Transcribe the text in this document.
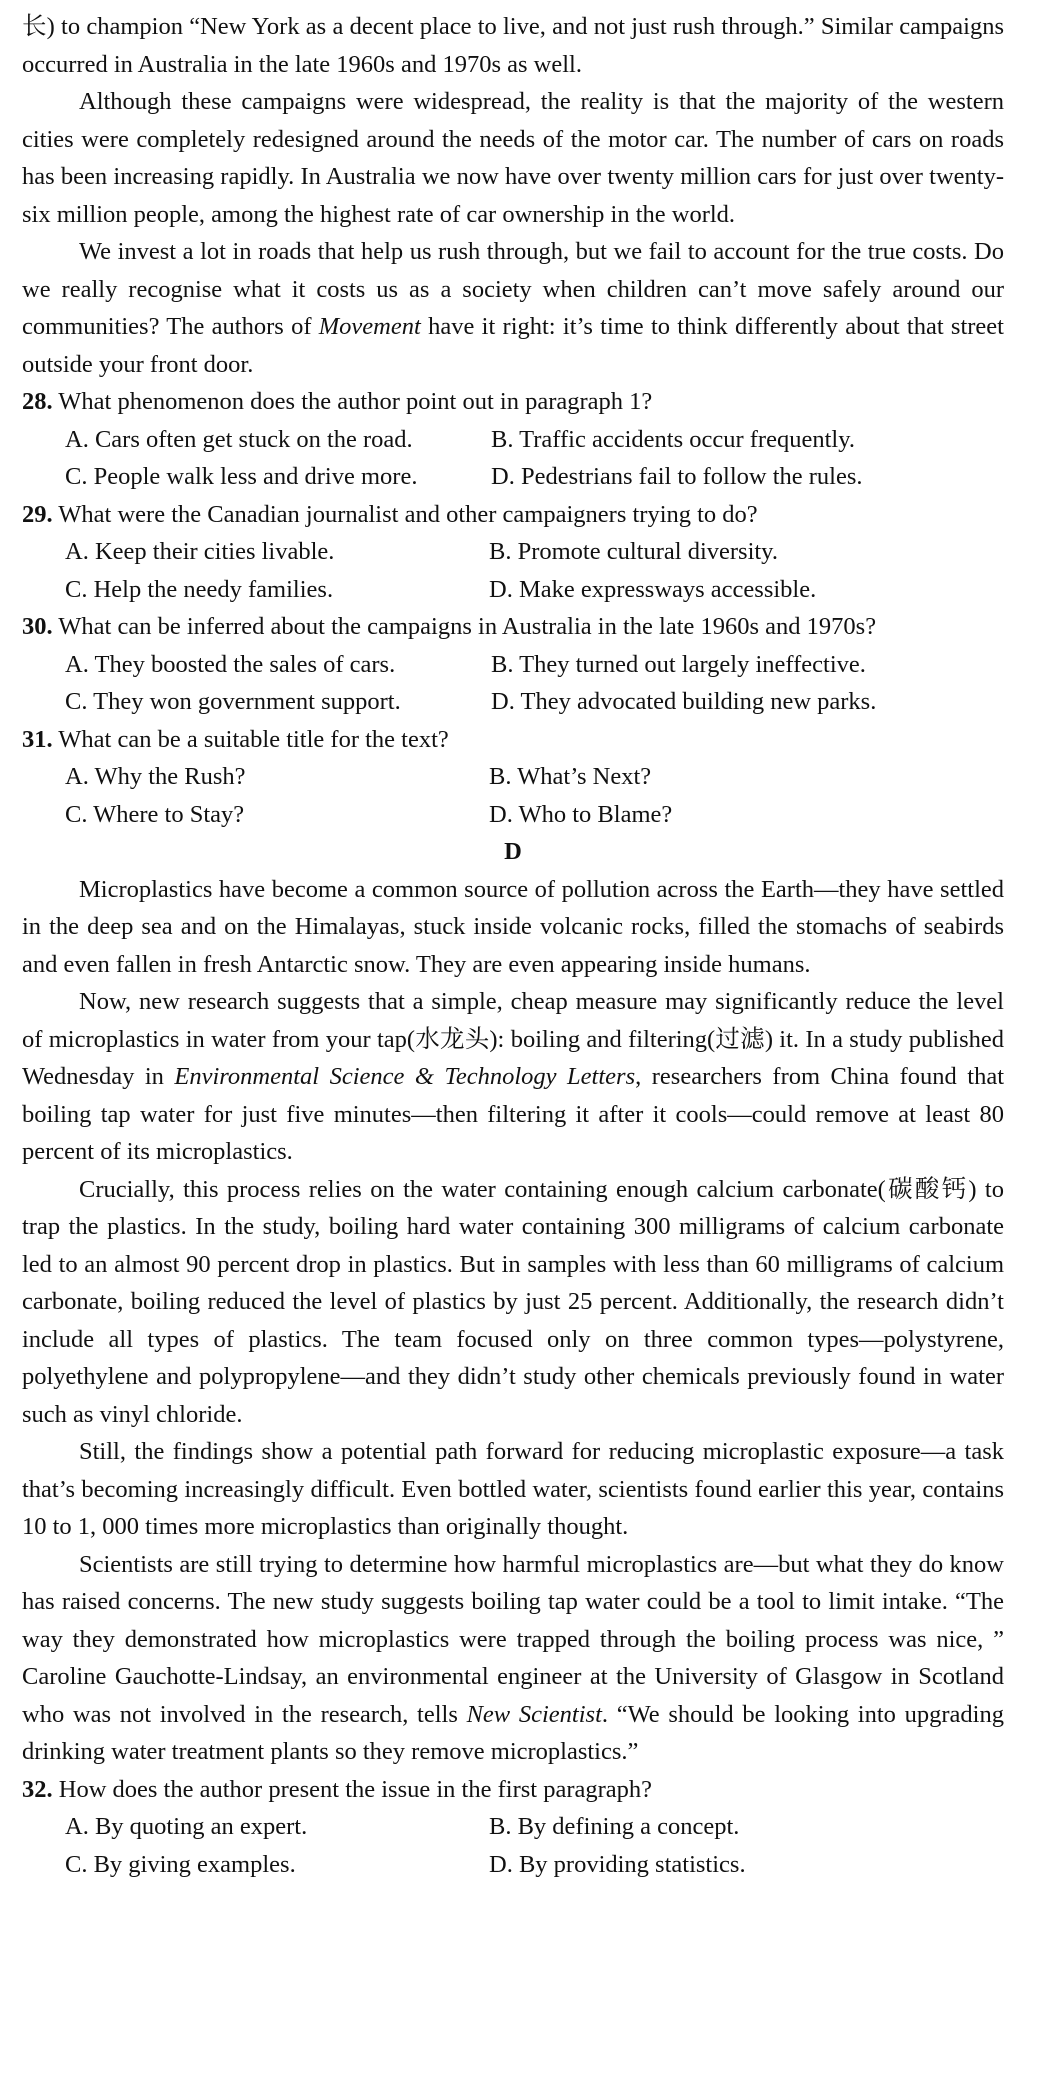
长) to champion “New York as a decent place to live, and not just rush through.” Similar campaigns occurred in Australia in the late 1960s and 1970s as well.

Although these campaigns were widespread, the reality is that the majority of the western cities were completely redesigned around the needs of the motor car. The number of cars on roads has been increasing rapidly. In Australia we now have over twenty million cars for just over twenty-six million people, among the highest rate of car ownership in the world.

We invest a lot in roads that help us rush through, but we fail to account for the true costs. Do we really recognise what it costs us as a society when children can’t move safely around our communities? The authors of Movement have it right: it’s time to think differently about that street outside your front door.

28. What phenomenon does the author point out in paragraph 1?

A. Cars often get stuck on the road.	B. Traffic accidents occur frequently.
C. People walk less and drive more.	D. Pedestrians fail to follow the rules.

29. What were the Canadian journalist and other campaigners trying to do?

A. Keep their cities livable.	B. Promote cultural diversity.
C. Help the needy families.	D. Make expressways accessible.

30. What can be inferred about the campaigns in Australia in the late 1960s and 1970s?

A. They boosted the sales of cars.	B. They turned out largely ineffective.
C. They won government support.	D. They advocated building new parks.

31. What can be a suitable title for the text?

A. Why the Rush?	B. What’s Next?
C. Where to Stay?	D. Who to Blame?

D

Microplastics have become a common source of pollution across the Earth—they have settled in the deep sea and on the Himalayas, stuck inside volcanic rocks, filled the stomachs of seabirds and even fallen in fresh Antarctic snow. They are even appearing inside humans.

Now, new research suggests that a simple, cheap measure may significantly reduce the level of microplastics in water from your tap(水龙头): boiling and filtering(过滤) it. In a study published Wednesday in Environmental Science & Technology Letters, researchers from China found that boiling tap water for just five minutes—then filtering it after it cools—could remove at least 80 percent of its microplastics.

Crucially, this process relies on the water containing enough calcium carbonate(碳酸钙) to trap the plastics. In the study, boiling hard water containing 300 milligrams of calcium carbonate led to an almost 90 percent drop in plastics. But in samples with less than 60 milligrams of calcium carbonate, boiling reduced the level of plastics by just 25 percent. Additionally, the research didn’t include all types of plastics. The team focused only on three common types—polystyrene, polyethylene and polypropylene—and they didn’t study other chemicals previously found in water such as vinyl chloride.

Still, the findings show a potential path forward for reducing microplastic exposure—a task that’s becoming increasingly difficult. Even bottled water, scientists found earlier this year, contains 10 to 1, 000 times more microplastics than originally thought.

Scientists are still trying to determine how harmful microplastics are—but what they do know has raised concerns. The new study suggests boiling tap water could be a tool to limit intake. “The way they demonstrated how microplastics were trapped through the boiling process was nice, ” Caroline Gauchotte-Lindsay, an environmental engineer at the University of Glasgow in Scotland who was not involved in the research, tells New Scientist. “We should be looking into upgrading drinking water treatment plants so they remove microplastics.”

32. How does the author present the issue in the first paragraph?

A. By quoting an expert.	B. By defining a concept.
C. By giving examples.	D. By providing statistics.
